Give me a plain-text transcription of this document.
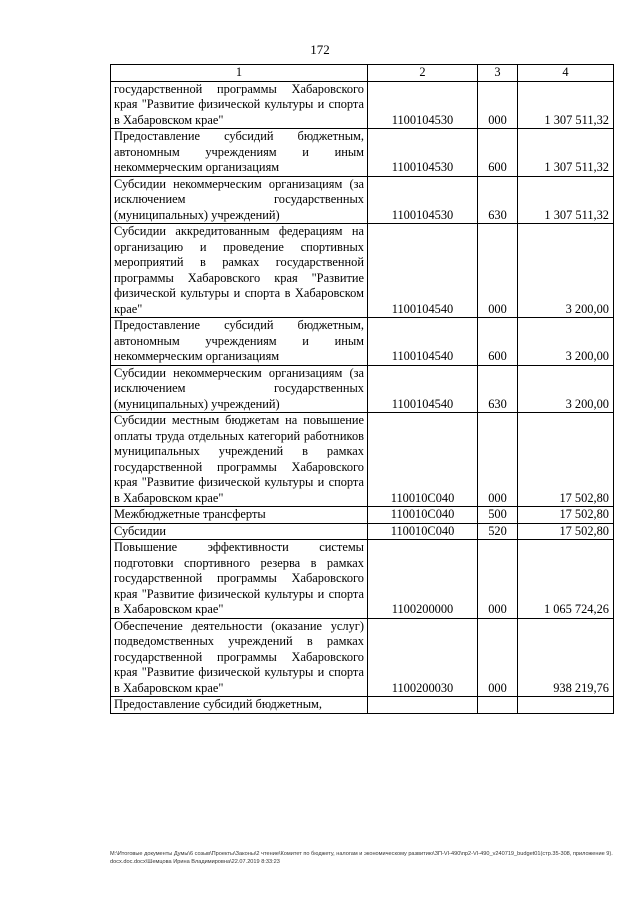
172
1	2	3	4
государственной программы Хабаровского края "Развитие физической культуры и спорта в Хабаровском крае"	1100104530	000	1 307 511,32
Предоставление субсидий бюджетным, автономным учреждениям и иным некоммерческим организациям	1100104530	600	1 307 511,32
Субсидии некоммерческим организациям (за исключением государственных (муниципальных) учреждений)	1100104530	630	1 307 511,32
Субсидии аккредитованным федерациям на организацию и проведение спортивных мероприятий в рамках государственной программы Хабаровского края "Развитие физической культуры и спорта в Хабаровском крае"	1100104540	000	3 200,00
Предоставление субсидий бюджетным, автономным учреждениям и иным некоммерческим организациям	1100104540	600	3 200,00
Субсидии некоммерческим организациям (за исключением государственных (муниципальных) учреждений)	1100104540	630	3 200,00
Субсидии местным бюджетам на повышение оплаты труда отдельных категорий работников муниципальных учреждений в рамках государственной программы Хабаровского края "Развитие физической культуры и спорта в Хабаровском крае"	110010С040	000	17 502,80
Межбюджетные трансферты	110010С040	500	17 502,80
Субсидии	110010С040	520	17 502,80
Повышение эффективности системы подготовки спортивного резерва в рамках государственной программы Хабаровского края "Развитие физической культуры и спорта в Хабаровском крае"	1100200000	000	1 065 724,26
Обеспечение деятельности (оказание услуг) подведомственных учреждений в рамках государственной программы Хабаровского края "Развитие физической культуры и спорта в Хабаровском крае"	1100200030	000	938 219,76
Предоставление субсидий бюджетным,			
M:\Итоговые документы Думы\6 созыв\Проекты\Законы\2 чтение\Комитет по бюджету, налогам и экономическому развитию\ЗП-VI-490\пр2-VI-490_v240719_budget01(стр.35-308, приложение 9).docx.doc.docx\Шемцова Ирина Владимировна\22.07.2019 8:33:23
